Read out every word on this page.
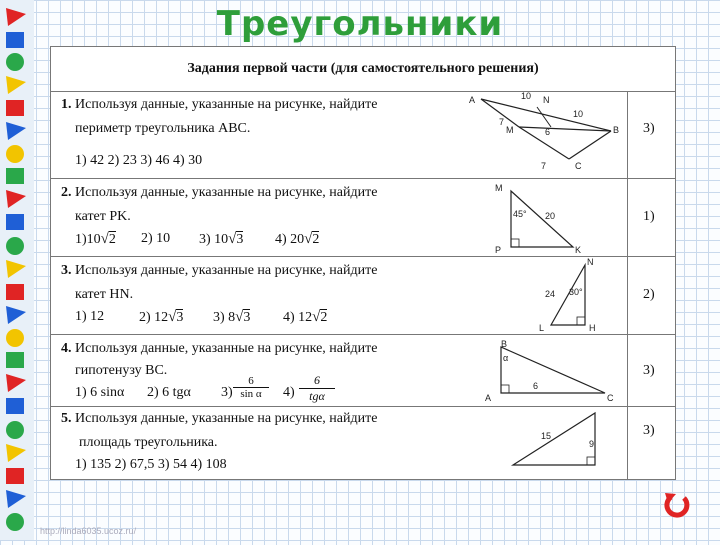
Треугольники
Задания первой части (для самостоятельного решения)
1. Используя данные, указанные на рисунке, найдите
периметр треугольника ABC.
1) 42 2) 23 3) 46 4) 30
3)
A	N
M	B
C
10
10
7
6
7
2. Используя данные, указанные на рисунке, найдите
катет PK.
1)10√2 2) 10 3) 10√3 4) 20√2
1)
M
P	K
45° 20
3. Используя данные, указанные на рисунке, найдите
катет HN.
1) 12 2) 12√3 3) 8√3 4) 12√2
2)
N
L	H
24 30°
4. Используя данные, указанные на рисунке, найдите
гипотенузу BC.
1) 6 sinα 2) 6 tgα 3)
6
sin α	4)
6
tgα
3)
B
A	C
α
6
5. Используя данные, указанные на рисунке, найдите
площадь треугольника.
1) 135 2) 67,5 3) 54 4) 108
3)
15
9
http://linda6035.ucoz.ru/
